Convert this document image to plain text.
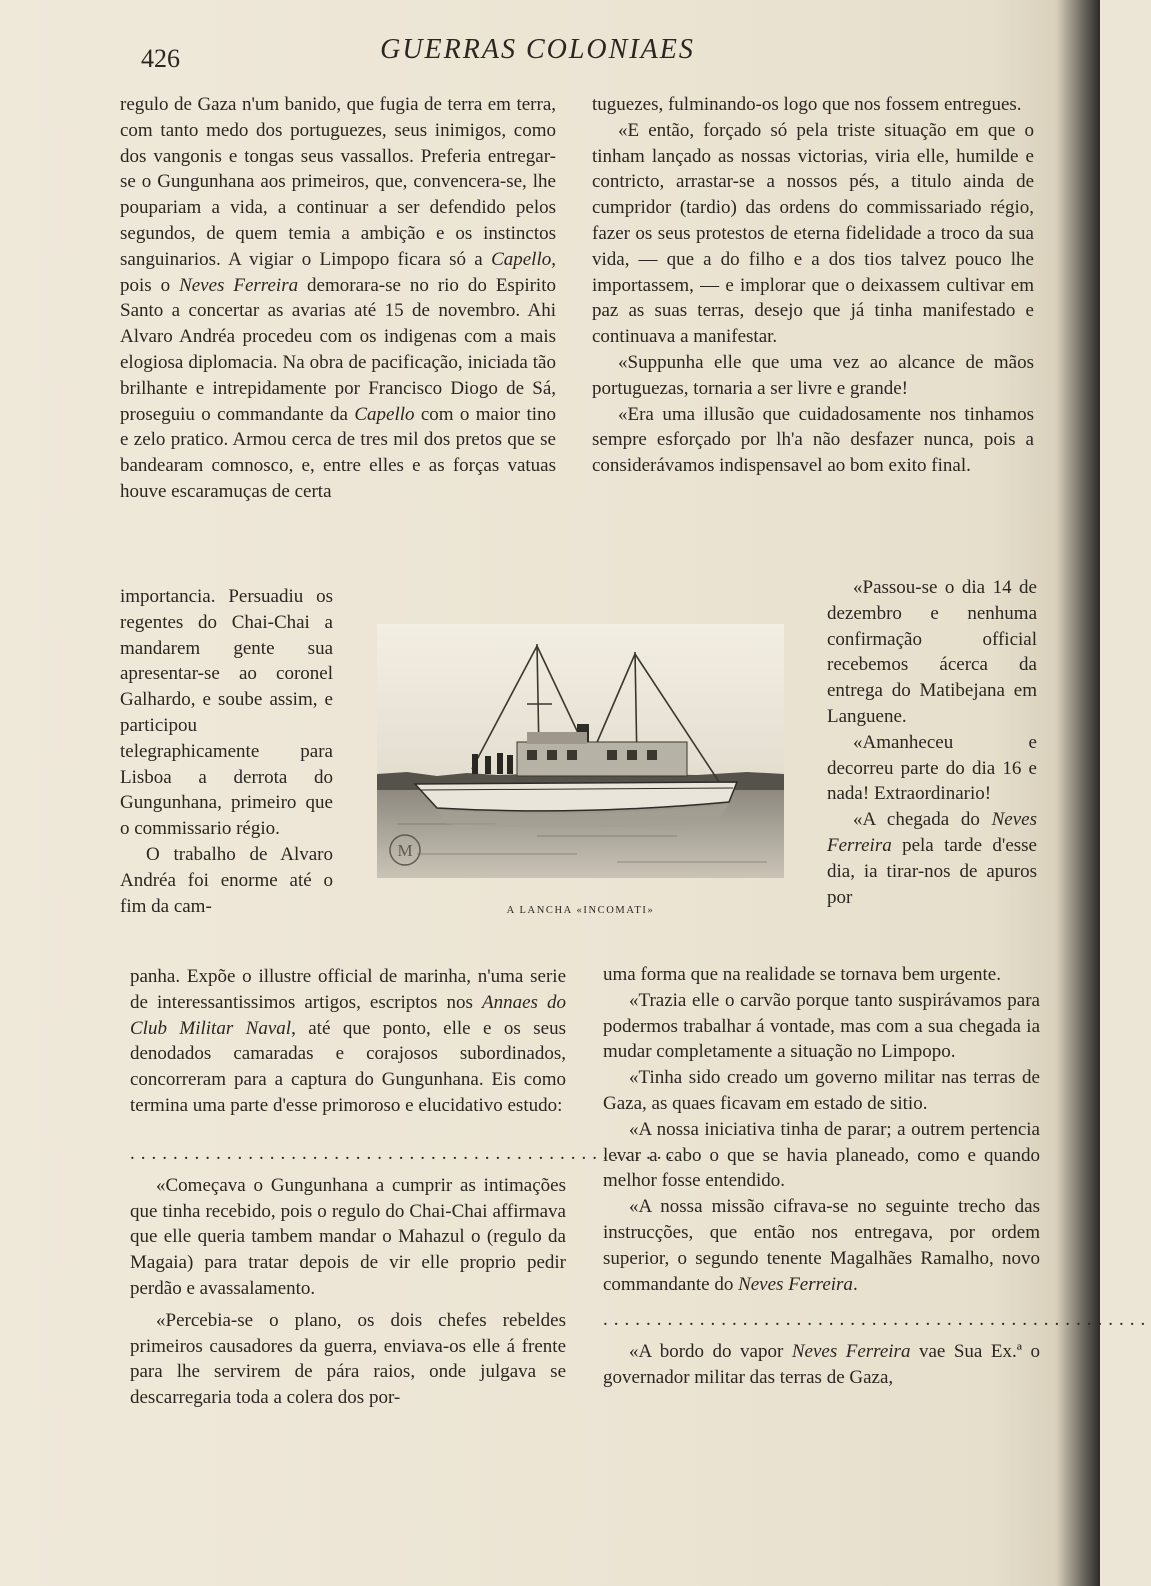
426	GUERRAS COLONIAES

regulo de Gaza n'um banido, que fugia de terra em terra, com tanto medo dos portuguezes, seus inimigos, como dos vangonis e tongas seus vassallos. Preferia entregar-se o Gungunhana aos primeiros, que, convencera-se, lhe poupariam a vida, a continuar a ser defendido pelos segundos, de quem temia a ambição e os instinctos sanguinarios. A vigiar o Limpopo ficara só a Capello, pois o Neves Ferreira demorara-se no rio do Espirito Santo a concertar as avarias até 15 de novembro. Ahi Alvaro Andréa procedeu com os indigenas com a mais elogiosa diplomacia. Na obra de pacificação, iniciada tão brilhante e intrepidamente por Francisco Diogo de Sá, proseguiu o commandante da Capello com o maior tino e zelo pratico. Armou cerca de tres mil dos pretos que se bandearam comnosco, e, entre elles e as forças vatuas houve escaramuças de certa

importancia. Persuadiu os regentes do Chai-Chai a mandarem gente sua apresentar-se ao coronel Galhardo, e soube assim, e participou telegraphicamente para Lisboa a derrota do Gungunhana, primeiro que o commissario régio.

O trabalho de Alvaro Andréa foi enorme até o fim da cam-

M
A LANCHA «INCOMATI»

panha. Expõe o illustre official de marinha, n'uma serie de interessantissimos artigos, escriptos nos Annaes do Club Militar Naval, até que ponto, elle e os seus denodados camaradas e corajosos subordinados, concorreram para a captura do Gungunhana. Eis como termina uma parte d'esse primoroso e elucidativo estudo:

...................................................

«Começava o Gungunhana a cumprir as intimações que tinha recebido, pois o regulo do Chai-Chai affirmava que elle queria tambem mandar o Mahazul o (regulo da Magaia) para tratar depois de vir elle proprio pedir perdão e avassalamento.

«Percebia-se o plano, os dois chefes rebeldes primeiros causadores da guerra, enviava-os elle á frente para lhe servirem de pára raios, onde julgava se descarregaria toda a colera dos por-

tuguezes, fulminando-os logo que nos fossem entregues.

«E então, forçado só pela triste situação em que o tinham lançado as nossas victorias, viria elle, humilde e contricto, arrastar-se a nossos pés, a titulo ainda de cumpridor (tardio) das ordens do commissariado régio, fazer os seus protestos de eterna fidelidade a troco da sua vida, — que a do filho e a dos tios talvez pouco lhe importassem, — e implorar que o deixassem cultivar em paz as suas terras, desejo que já tinha manifestado e continuava a manifestar.

«Suppunha elle que uma vez ao alcance de mãos portuguezas, tornaria a ser livre e grande!

«Era uma illusão que cuidadosamente nos tinhamos sempre esforçado por lh'a não desfazer nunca, pois a considerávamos indispensavel ao bom exito final.

«Passou-se o dia 14 de dezembro e nenhuma confirmação official recebemos ácerca da entrega do Matibejana em Languene.

«Amanheceu e decorreu parte do dia 16 e nada! Extraordinario!

«A chegada do Neves Ferreira pela tarde d'esse dia, ia tirar-nos de apuros por

uma forma que na realidade se tornava bem urgente.

«Trazia elle o carvão porque tanto suspirávamos para podermos trabalhar á vontade, mas com a sua chegada ia mudar completamente a situação no Limpopo.

«Tinha sido creado um governo militar nas terras de Gaza, as quaes ficavam em estado de sitio.

«A nossa iniciativa tinha de parar; a outrem pertencia levar a cabo o que se havia planeado, como e quando melhor fosse entendido.

«A nossa missão cifrava-se no seguinte trecho das instrucções, que então nos entregava, por ordem superior, o segundo tenente Magalhães Ramalho, novo commandante do Neves Ferreira.

...................................................

«A bordo do vapor Neves Ferreira vae Sua Ex.ª o governador militar das terras de Gaza,
